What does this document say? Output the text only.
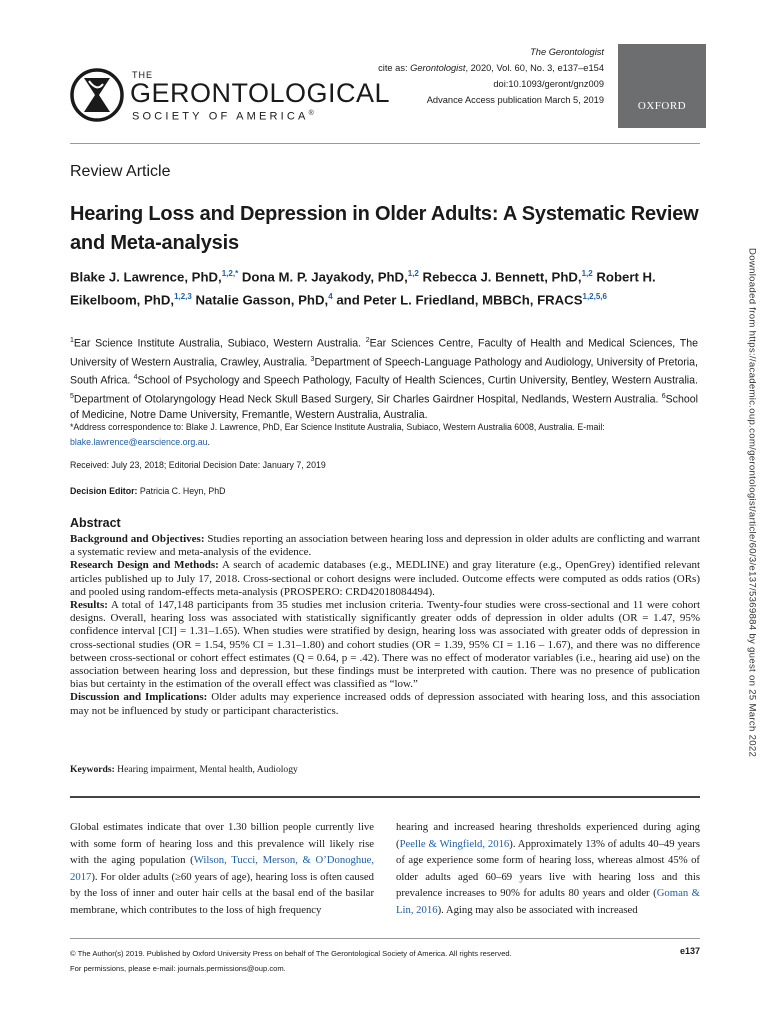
THE
GERONTOLOGICAL
SOCIETY OF AMERICA®
The Gerontologist
cite as: Gerontologist, 2020, Vol. 60, No. 3, e137–e154
doi:10.1093/geront/gnz009
Advance Access publication March 5, 2019	OXFORD
Review Article
Hearing Loss and Depression in Older Adults: A Systematic Review and Meta-analysis
Blake J. Lawrence, PhD,$^{1,2,*}$ Dona M. P. Jayakody, PhD,$^{1,2}$ Rebecca J. Bennett, PhD,$^{1,2}$ Robert H. Eikelboom, PhD,$^{1,2,3}$ Natalie Gasson, PhD,$^4$ and Peter L. Friedland, MBBCh, FRACS$^{1,2,5,6}$
$^1$Ear Science Institute Australia, Subiaco, Western Australia. $^2$Ear Sciences Centre, Faculty of Health and Medical Sciences, The University of Western Australia, Crawley, Australia. $^3$Department of Speech-Language Pathology and Audiology, University of Pretoria, South Africa. $^4$School of Psychology and Speech Pathology, Faculty of Health Sciences, Curtin University, Bentley, Western Australia. $^5$Department of Otolaryngology Head Neck Skull Based Surgery, Sir Charles Gairdner Hospital, Nedlands, Western Australia. $^6$School of Medicine, Notre Dame University, Fremantle, Western Australia, Australia.
*Address correspondence to: Blake J. Lawrence, PhD, Ear Science Institute Australia, Subiaco, Western Australia 6008, Australia. E-mail: blake.lawrence@earscience.org.au.
Received: July 23, 2018; Editorial Decision Date: January 7, 2019
Decision Editor: Patricia C. Heyn, PhD
Abstract
Background and Objectives: Studies reporting an association between hearing loss and depression in older adults are conflicting and warrant a systematic review and meta-analysis of the evidence.
Research Design and Methods: A search of academic databases (e.g., MEDLINE) and gray literature (e.g., OpenGrey) identified relevant articles published up to July 17, 2018. Cross-sectional or cohort designs were included. Outcome effects were computed as odds ratios (ORs) and pooled using random-effects meta-analysis (PROSPERO: CRD42018084494).
Results: A total of 147,148 participants from 35 studies met inclusion criteria. Twenty-four studies were cross-sectional and 11 were cohort designs. Overall, hearing loss was associated with statistically significantly greater odds of depression in older adults (OR = 1.47, 95% confidence interval [CI] = 1.31–1.65). When studies were stratified by design, hearing loss was associated with greater odds of depression in cross-sectional studies (OR = 1.54, 95% CI = 1.31–1.80) and cohort studies (OR = 1.39, 95% CI = 1.16 – 1.67), and there was no difference between cross-sectional or cohort effect estimates (Q = 0.64, p = .42). There was no effect of moderator variables (i.e., hearing aid use) on the association between hearing loss and depression, but these findings must be interpreted with caution. There was no presence of publication bias but certainty in the estimation of the overall effect was classified as “low.”
Discussion and Implications: Older adults may experience increased odds of depression associated with hearing loss, and this association may not be influenced by study or participant characteristics.
Keywords: Hearing impairment, Mental health, Audiology
Global estimates indicate that over 1.30 billion people currently live with some form of hearing loss and this prevalence will likely rise with the aging population (Wilson, Tucci, Merson, & O’Donoghue, 2017). For older adults (≥60 years of age), hearing loss is often caused by the loss of inner and outer hair cells at the basal end of the basilar membrane, which contributes to the loss of high frequency
hearing and increased hearing thresholds experienced during aging (Peelle & Wingfield, 2016). Approximately 13% of adults 40–49 years of age experience some form of hearing loss, whereas almost 45% of older adults aged 60–69 years live with hearing loss and this prevalence increases to 90% for adults 80 years and older (Goman & Lin, 2016). Aging may also be associated with increased
© The Author(s) 2019. Published by Oxford University Press on behalf of The Gerontological Society of America. All rights reserved.
For permissions, please e-mail: journals.permissions@oup.com.
e137
Downloaded from https://academic.oup.com/gerontologist/article/60/3/e137/5369884 by guest on 25 March 2022
